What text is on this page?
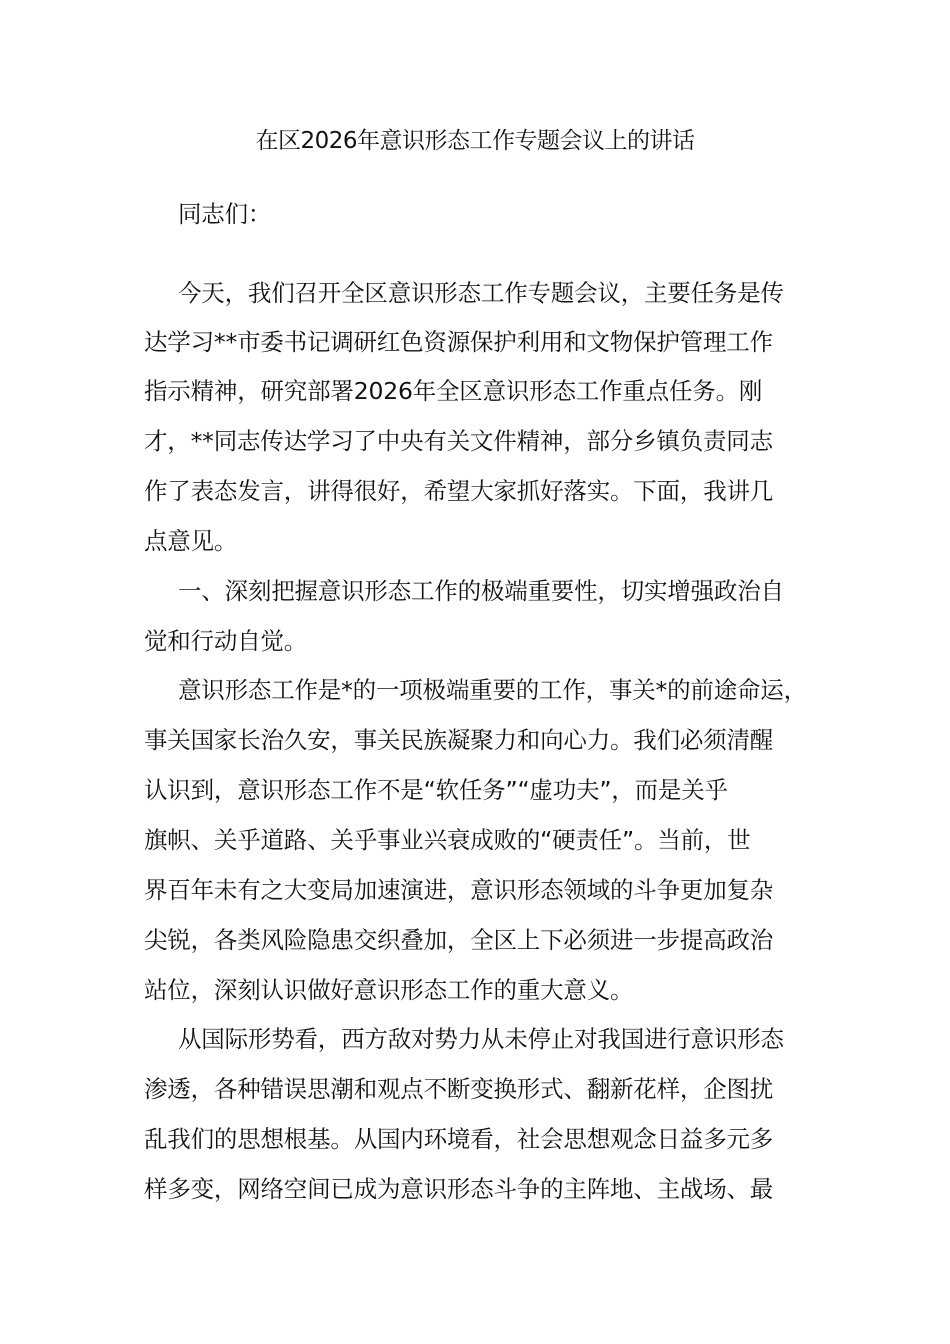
在区2026年意识形态工作专题会议上的讲话
同志们：
今天，我们召开全区意识形态工作专题会议，主要任务是传
达学习**市委书记调研红色资源保护利用和文物保护管理工作
指示精神，研究部署2026年全区意识形态工作重点任务。刚
才，**同志传达学习了中央有关文件精神，部分乡镇负责同志
作了表态发言，讲得很好，希望大家抓好落实。下面，我讲几
点意见。
一、深刻把握意识形态工作的极端重要性，切实增强政治自
觉和行动自觉。
意识形态工作是*的一项极端重要的工作，事关*的前途命运，
事关国家长治久安，事关民族凝聚力和向心力。我们必须清醒
认识到，意识形态工作不是“软任务”“虚功夫”，而是关乎
旗帜、关乎道路、关乎事业兴衰成败的“硬责任”。当前，世
界百年未有之大变局加速演进，意识形态领域的斗争更加复杂
尖锐，各类风险隐患交织叠加，全区上下必须进一步提高政治
站位，深刻认识做好意识形态工作的重大意义。
从国际形势看，西方敌对势力从未停止对我国进行意识形态
渗透，各种错误思潮和观点不断变换形式、翻新花样，企图扰
乱我们的思想根基。从国内环境看，社会思想观念日益多元多
样多变，网络空间已成为意识形态斗争的主阵地、主战场、最
